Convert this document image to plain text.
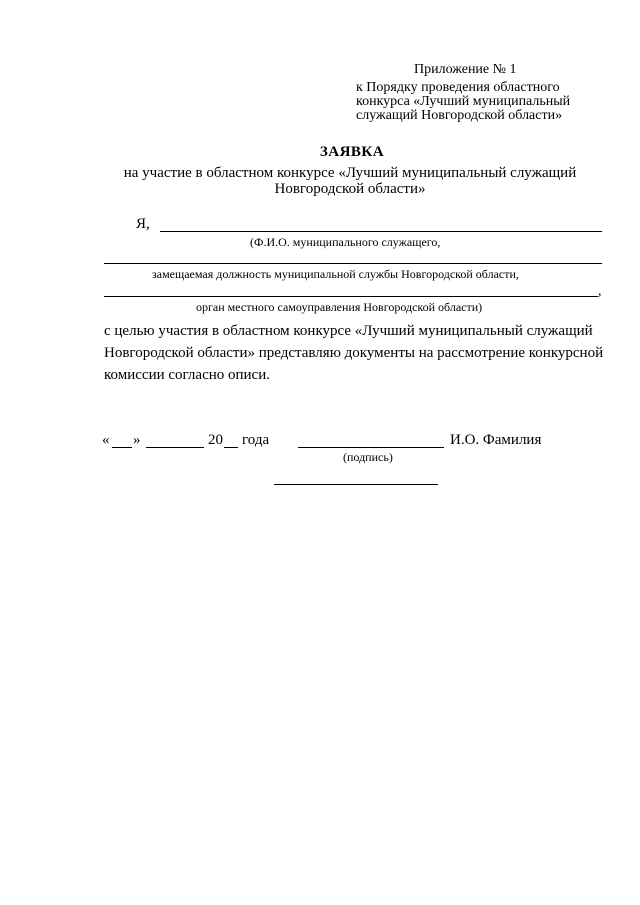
Приложение № 1
к Порядку проведения областного
конкурса «Лучший муниципальный
служащий Новгородской области»
ЗАЯВКА
на участие в областном конкурсе «Лучший муниципальный служащий
Новгородской области»
Я,
(Ф.И.О. муниципального служащего,
замещаемая должность муниципальной службы Новгородской области,
,
орган местного самоуправления Новгородской области)
с целью участия в областном конкурсе «Лучший муниципальный служащий
Новгородской области» представляю документы на рассмотрение конкурсной
комиссии согласно описи.
« »	20 года	И.О. Фамилия
(подпись)
